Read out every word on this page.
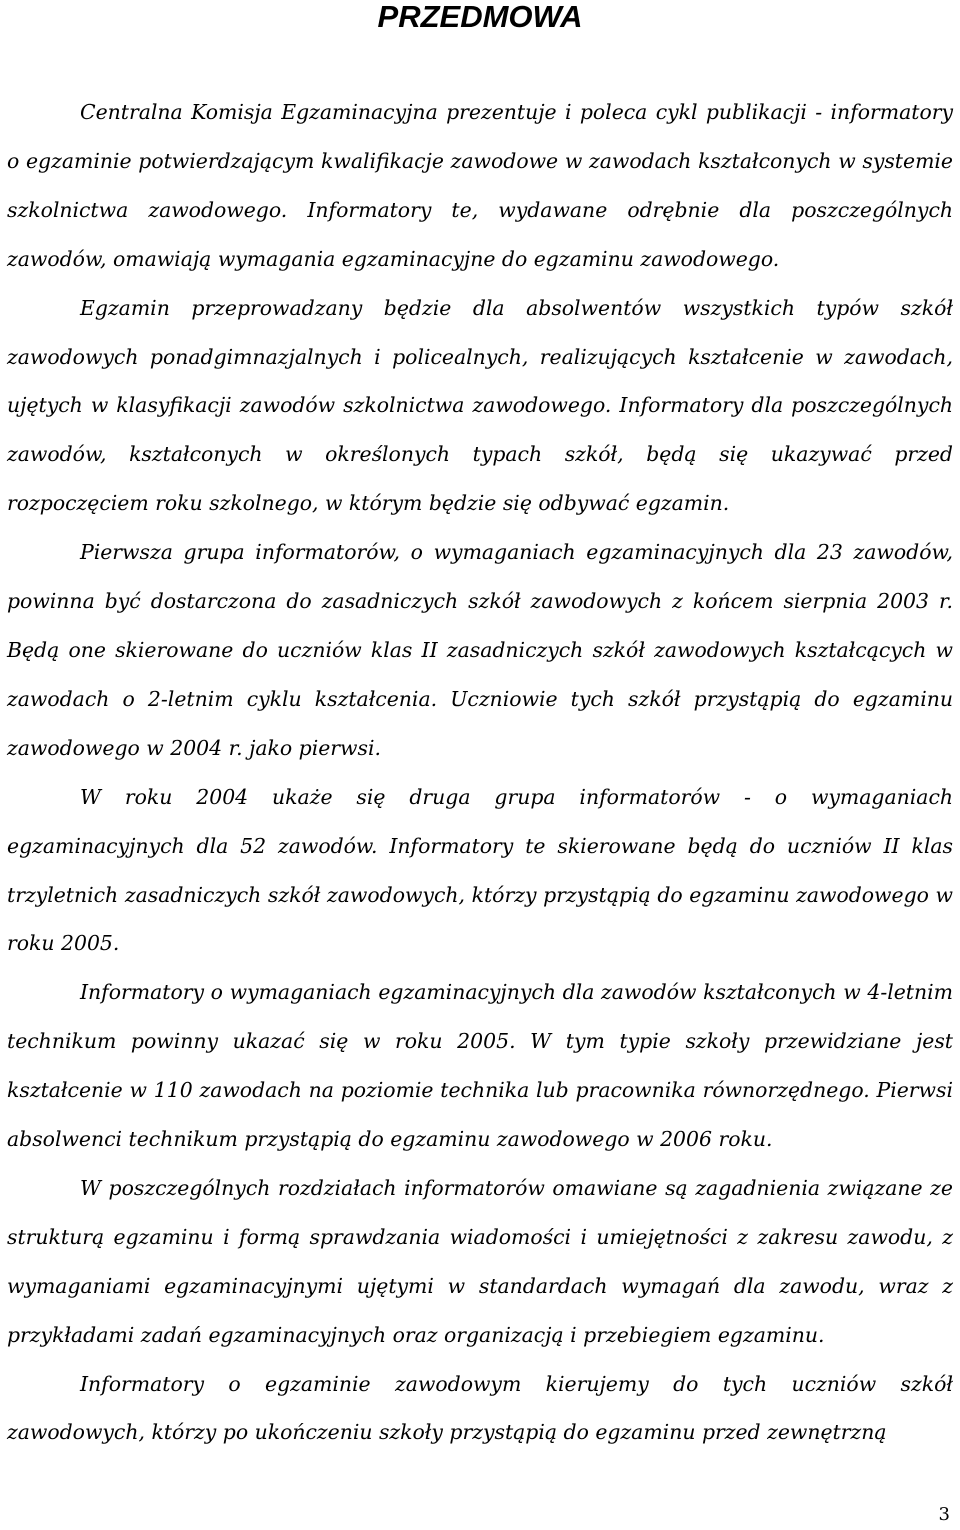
PRZEDMOWA

Centralna Komisja Egzaminacyjna prezentuje i poleca cykl publikacji - informatory o egzaminie potwierdzającym kwalifikacje zawodowe w zawodach kształconych w systemie szkolnictwa zawodowego. Informatory te, wydawane odrębnie dla poszczególnych zawodów, omawiają wymagania egzaminacyjne do egzaminu zawodowego.

Egzamin przeprowadzany będzie dla absolwentów wszystkich typów szkół zawodowych ponadgimnazjalnych i policealnych, realizujących kształcenie w zawodach, ujętych w klasyfikacji zawodów szkolnictwa zawodowego. Informatory dla poszczególnych zawodów, kształconych w określonych typach szkół, będą się ukazywać przed rozpoczęciem roku szkolnego, w którym będzie się odbywać egzamin.

Pierwsza grupa informatorów, o wymaganiach egzaminacyjnych dla 23 zawodów, powinna być dostarczona do zasadniczych szkół zawodowych z końcem sierpnia 2003 r. Będą one skierowane do uczniów klas II zasadniczych szkół zawodowych kształcących w zawodach o 2-letnim cyklu kształcenia. Uczniowie tych szkół przystąpią do egzaminu zawodowego w 2004 r. jako pierwsi.

W roku 2004 ukaże się druga grupa informatorów - o wymaganiach egzaminacyjnych dla 52 zawodów. Informatory te skierowane będą do uczniów II klas trzyletnich zasadniczych szkół zawodowych, którzy przystąpią do egzaminu zawodowego w roku 2005.

Informatory o wymaganiach egzaminacyjnych dla zawodów kształconych w 4-letnim technikum powinny ukazać się w roku 2005. W tym typie szkoły przewidziane jest kształcenie w 110 zawodach na poziomie technika lub pracownika równorzędnego. Pierwsi absolwenci technikum przystąpią do egzaminu zawodowego w 2006 roku.

W poszczególnych rozdziałach informatorów omawiane są zagadnienia związane ze strukturą egzaminu i formą sprawdzania wiadomości i umiejętności z zakresu zawodu, z wymaganiami egzaminacyjnymi ujętymi w standardach wymagań dla zawodu, wraz z przykładami zadań egzaminacyjnych oraz organizacją i przebiegiem egzaminu.

Informatory o egzaminie zawodowym kierujemy do tych uczniów szkół zawodowych, którzy po ukończeniu szkoły przystąpią do egzaminu przed zewnętrzną

3
